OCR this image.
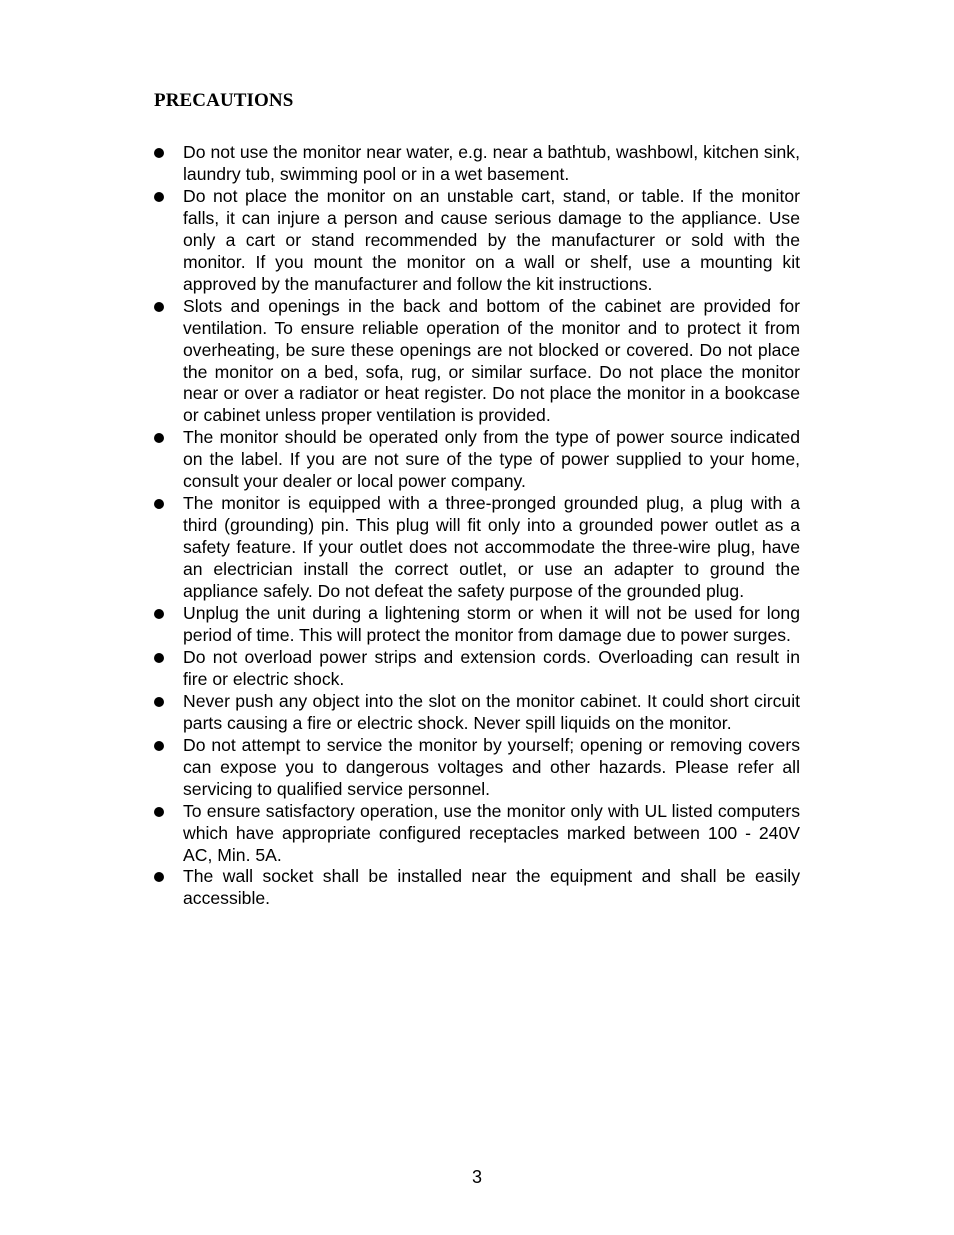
PRECAUTIONS
Do not use the monitor near water, e.g. near a bathtub, washbowl, kitchen sink, laundry tub, swimming pool or in a wet basement.
Do not place the monitor on an unstable cart, stand, or table. If the monitor falls, it can injure a person and cause serious damage to the appliance. Use only a cart or stand recommended by the manufacturer or sold with the monitor. If you mount the monitor on a wall or shelf, use a mounting kit approved by the manufacturer and follow the kit instructions.
Slots and openings in the back and bottom of the cabinet are provided for ventilation. To ensure reliable operation of the monitor and to protect it from overheating, be sure these openings are not blocked or covered. Do not place the monitor on a bed, sofa, rug, or similar surface. Do not place the monitor near or over a radiator or heat register. Do not place the monitor in a bookcase or cabinet unless proper ventilation is provided.
The monitor should be operated only from the type of power source indicated on the label. If you are not sure of the type of power supplied to your home, consult your dealer or local power company.
The monitor is equipped with a three-pronged grounded plug, a plug with a third (grounding) pin. This plug will fit only into a grounded power outlet as a safety feature. If your outlet does not accommodate the three-wire plug, have an electrician install the correct outlet, or use an adapter to ground the appliance safely. Do not defeat the safety purpose of the grounded plug.
Unplug the unit during a lightening storm or when it will not be used for long period of time. This will protect the monitor from damage due to power surges.
Do not overload power strips and extension cords. Overloading can result in fire or electric shock.
Never push any object into the slot on the monitor cabinet. It could short circuit parts causing a fire or electric shock. Never spill liquids on the monitor.
Do not attempt to service the monitor by yourself; opening or removing covers can expose you to dangerous voltages and other hazards. Please refer all servicing to qualified service personnel.
To ensure satisfactory operation, use the monitor only with UL listed computers which have appropriate configured receptacles marked between 100 - 240V AC, Min. 5A.
The wall socket shall be installed near the equipment and shall be easily accessible.

3
